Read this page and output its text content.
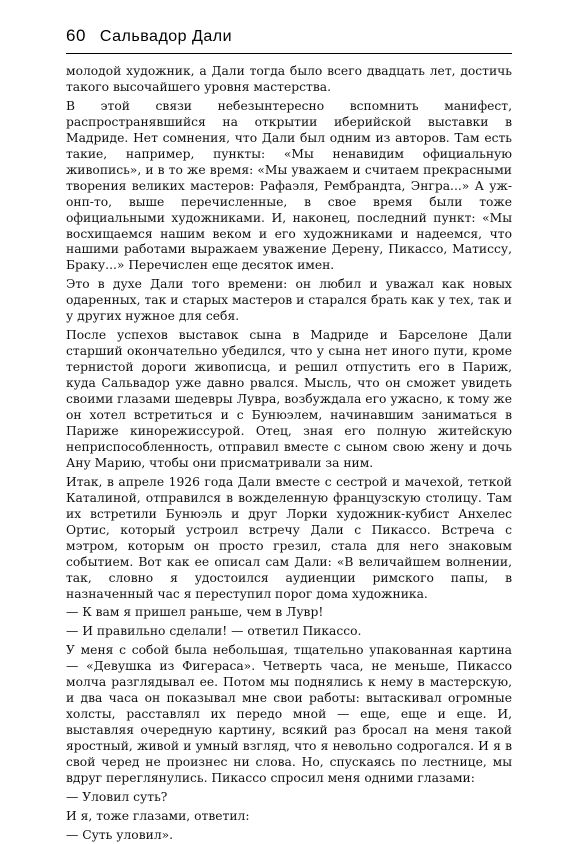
60 Сальвадор Дали

молодой художник, а Дали тогда было всего двадцать лет, достичь такого высочайшего уровня мастерства.

В этой связи небезынтересно вспомнить манифест, распространявшийся на открытии иберийской выставки в Мадриде. Нет сомнения, что Дали был одним из авторов. Там есть такие, например, пункты: «Мы ненавидим официальную живопись», и в то же время: «Мы уважаем и считаем прекрасными творения великих мастеров: Рафаэля, Рембрандта, Энгра...» А уж-онп-то, выше перечисленные, в свое время были тоже официальными художниками. И, наконец, последний пункт: «Мы восхищаемся нашим веком и его художниками и надеемся, что нашими работами выражаем уважение Дерену, Пикассо, Матиссу, Браку...» Перечислен еще десяток имен.

Это в духе Дали того времени: он любил и уважал как новых одаренных, так и старых мастеров и старался брать как у тех, так и у других нужное для себя.

После успехов выставок сына в Мадриде и Барселоне Дали старший окончательно убедился, что у сына нет иного пути, кроме тернистой дороги живописца, и решил отпустить его в Париж, куда Сальвадор уже давно рвался. Мысль, что он сможет увидеть своими глазами шедевры Лувра, возбуждала его ужасно, к тому же он хотел встретиться и с Бунюэлем, начинавшим заниматься в Париже кинорежиссурой. Отец, зная его полную житейскую неприспособленность, отправил вместе с сыном свою жену и дочь Ану Марию, чтобы они присматривали за ним.

Итак, в апреле 1926 года Дали вместе с сестрой и мачехой, теткой Каталиной, отправился в вожделенную французскую столицу. Там их встретили Бунюэль и друг Лорки художник-кубист Анхелес Ортис, который устроил встречу Дали с Пикассо. Встреча с мэтром, которым он просто грезил, стала для него знаковым событием. Вот как ее описал сам Дали: «В величайшем волнении, так, словно я удостоился аудиенции римского папы, в назначенный час я переступил порог дома художника.

— К вам я пришел раньше, чем в Лувр!

— И правильно сделали! — ответил Пикассо.

У меня с собой была небольшая, тщательно упакованная картина — «Девушка из Фигераса». Четверть часа, не меньше, Пикассо молча разглядывал ее. Потом мы поднялись к нему в мастерскую, и два часа он показывал мне свои работы: вытаскивал огромные холсты, расставлял их передо мной — еще, еще и еще. И, выставляя очередную картину, всякий раз бросал на меня такой яростный, живой и умный взгляд, что я невольно содрогался. И я в свой черед не произнес ни слова. Но, спускаясь по лестнице, мы вдруг переглянулись. Пикассо спросил меня одними глазами:

— Уловил суть?

И я, тоже глазами, ответил:

— Суть уловил».
